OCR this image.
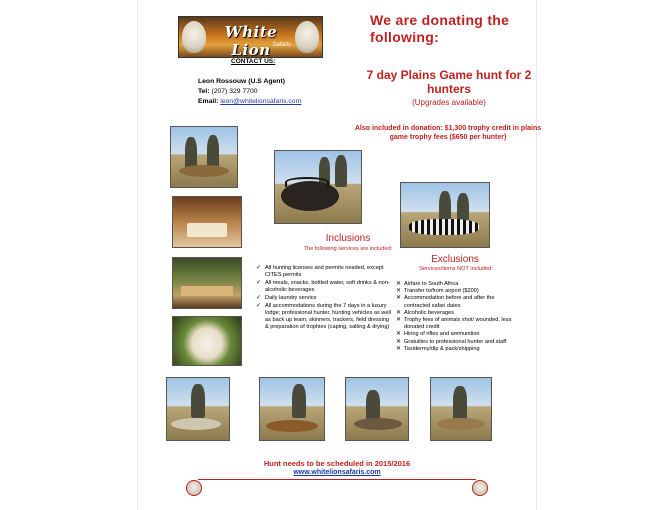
White Lion Safaris
We are donating the following:
CONTACT US:
Leon Rossouw (U.S Agent)
Tel: (207) 329 7700
Email: leon@whitelionsafaris.com
7 day Plains Game hunt for 2 hunters
(Upgrades available)
Also included in donation: $1,300 trophy credit in plains game trophy fees ($650 per hunter)
Inclusions
The following services are included:
✓ All hunting licenses and permits needed, except CITES permits
✓ All meals, snacks, bottled water, soft drinks & non-alcoholic beverages
✓ Daily laundry service
✓ All accommodations during the 7 days in a luxury lodge; professional hunter, hunting vehicles as well as back up team, skinners, trackers, field dressing & preparation of trophies (caping, salting & drying)
Exclusions
Services/items NOT included:
✕ Airfare to South Africa
✕ Transfer to/from airport ($200)
✕ Accommodation before and after the contracted safari dates
✕ Alcoholic beverages
✕ Trophy fees of animals shot/ wounded, less donated credit
✕ Hiring of rifles and ammunition
✕ Gratuities to professional hunter and staff
✕ Taxidermy/dip & pack/shipping
Hunt needs to be scheduled in 2015/2016
www.whitelionsafaris.com
